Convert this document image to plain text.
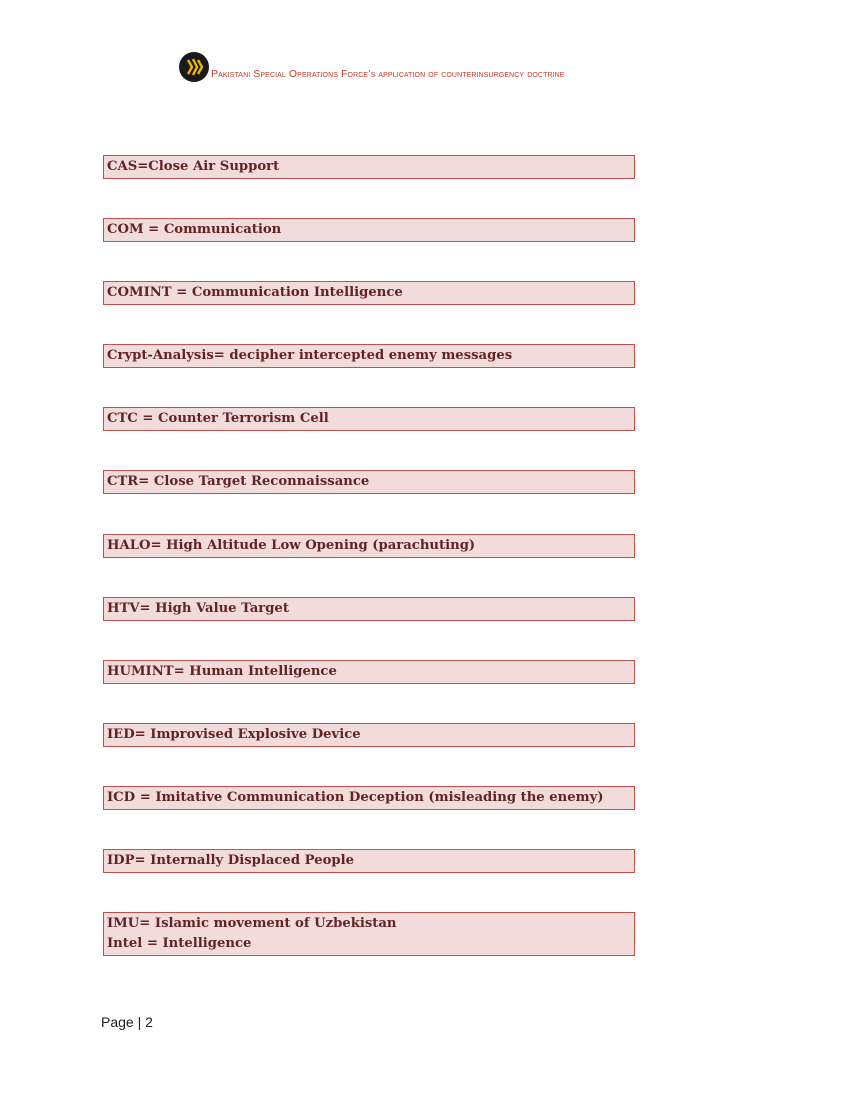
Pakistani Special Operations Force’s application of counterinsurgency doctrine
CAS=Close Air Support
COM = Communication
COMINT = Communication Intelligence
Crypt-Analysis= decipher intercepted enemy messages
CTC = Counter Terrorism Cell
CTR= Close Target Reconnaissance
HALO= High Altitude Low Opening (parachuting)
HTV= High Value Target
HUMINT= Human Intelligence
IED= Improvised Explosive Device
ICD = Imitative Communication Deception (misleading the enemy)
IDP= Internally Displaced People
IMU= Islamic movement of Uzbekistan
Intel = Intelligence
Page | 2
